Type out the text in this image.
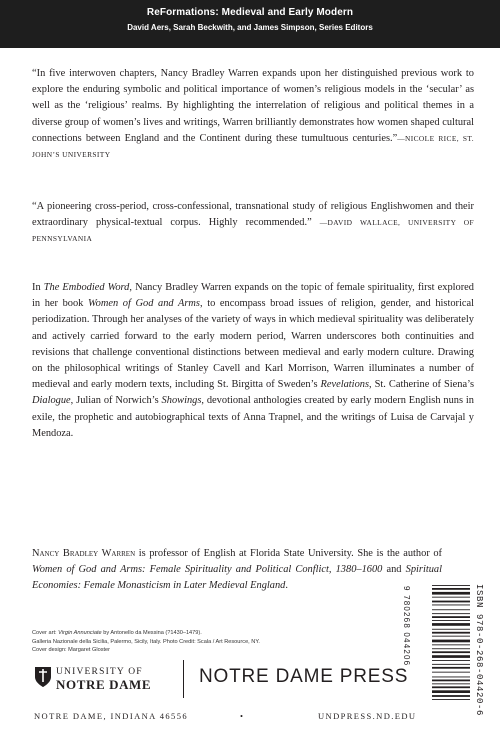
ReFormations: Medieval and Early Modern
David Aers, Sarah Beckwith, and James Simpson, Series Editors

“In five interwoven chapters, Nancy Bradley Warren expands upon her distinguished previous work to explore the enduring symbolic and political importance of women’s religious models in the ‘secular’ as well as the ‘religious’ realms. By highlighting the interrelation of religious and political themes in a diverse group of women’s lives and writings, Warren brilliantly demonstrates how women shaped cultural connections between England and the Continent during these tumultuous centuries.”—NICOLE RICE, ST. JOHN’S UNIVERSITY

“A pioneering cross-period, cross-confessional, transnational study of religious Englishwomen and their extraordinary physical-textual corpus. Highly recommended.” —DAVID WALLACE, UNIVERSITY OF PENNSYLVANIA

In The Embodied Word, Nancy Bradley Warren expands on the topic of female spirituality, first explored in her book Women of God and Arms, to encompass broad issues of religion, gender, and historical periodization. Through her analyses of the variety of ways in which medieval spirituality was deliberately and actively carried forward to the early modern period, Warren underscores both continuities and revisions that challenge conventional distinctions between medieval and early modern culture. Drawing on the philosophical writings of Stanley Cavell and Karl Morrison, Warren illuminates a number of medieval and early modern texts, including St. Birgitta of Sweden’s Revelations, St. Catherine of Siena’s Dialogue, Julian of Norwich’s Showings, devotional anthologies created by early modern English nuns in exile, the prophetic and autobiographical texts of Anna Trapnel, and the writings of Luisa de Carvajal y Mendoza.

Nancy Bradley Warren is professor of English at Florida State University. She is the author of Women of God and Arms: Female Spirituality and Political Conflict, 1380–1600 and Spiritual Economies: Female Monasticism in Later Medieval England.

Cover art: Virgin Annunciate by Antonello da Messina (?1430–1479).
Galleria Nazionale della Sicilia, Palermo, Sicily, Italy. Photo Credit: Scala / Art Resource, NY.
Cover design: Margaret Gloster	9 780268 044206	ISBN 978-0-268-04420-6
UNIVERSITY OF
NOTRE DAME	NOTRE DAME PRESS
NOTRE DAME, INDIANA 46556	•	UNDPRESS.ND.EDU
